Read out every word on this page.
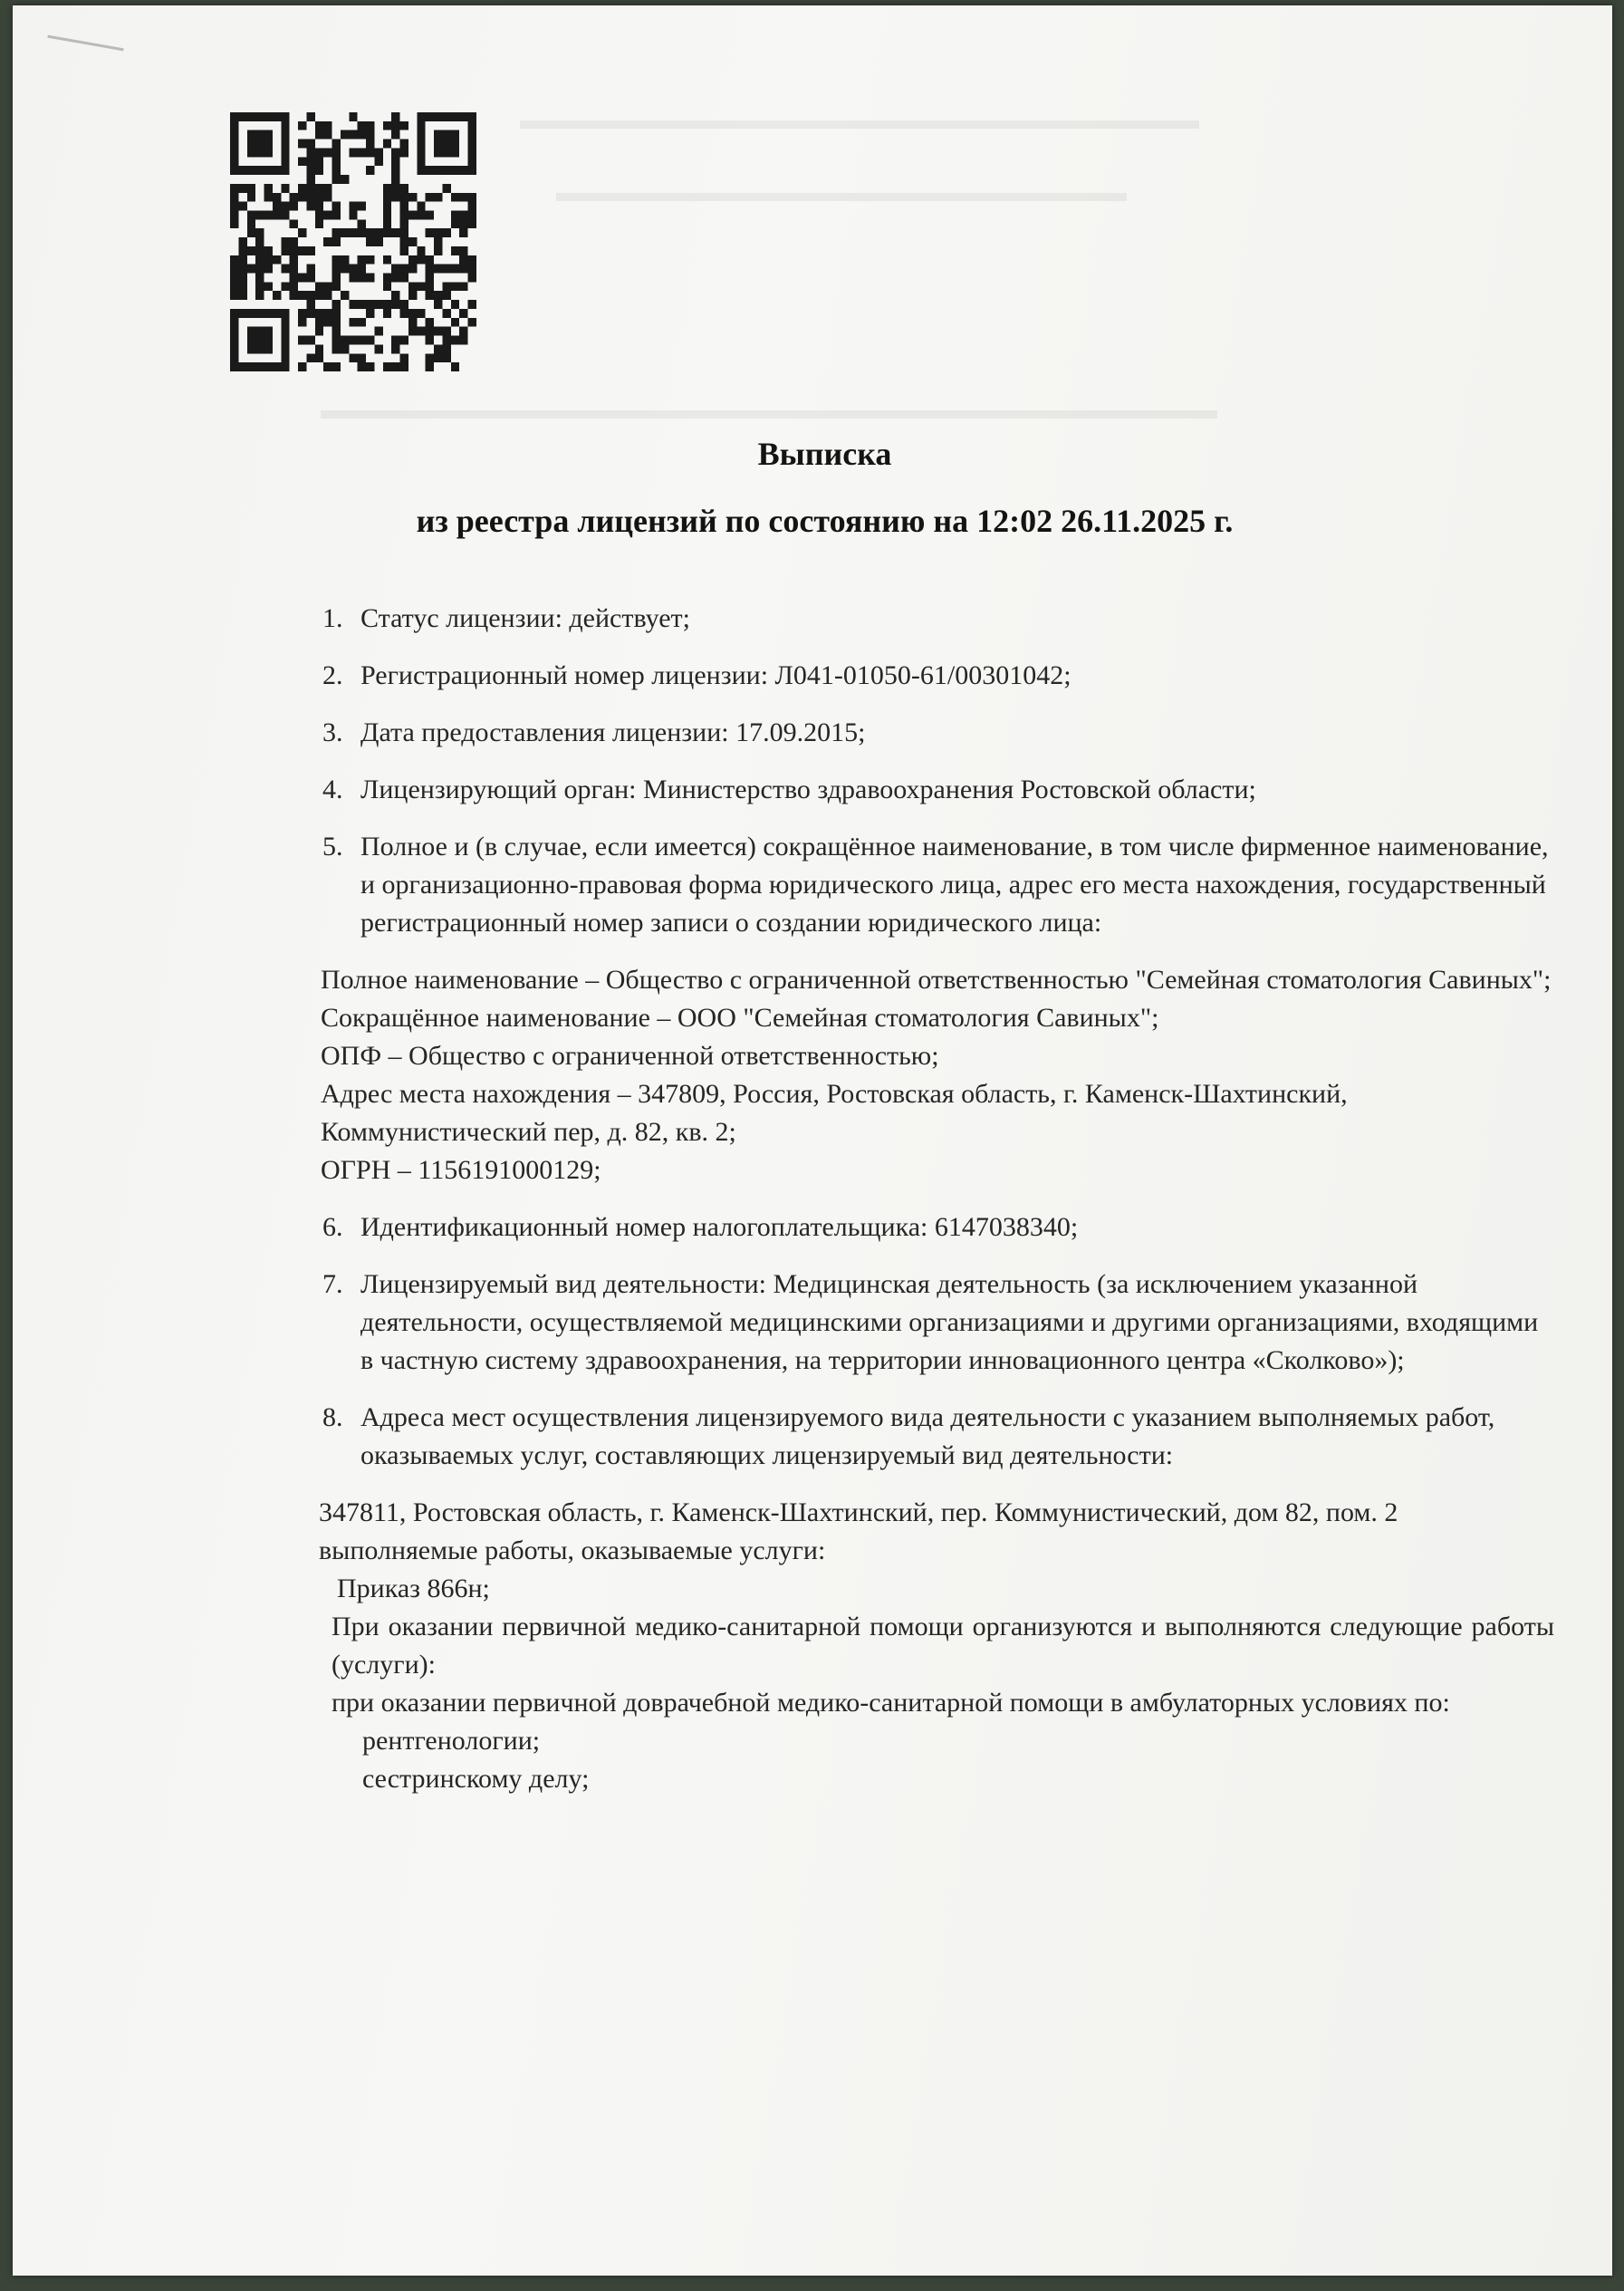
▬▬▬▬▬▬▬▬▬▬▬▬▬▬▬▬▬▬▬▬▬▬▬▬▬
▬▬▬▬▬▬▬▬▬▬▬▬▬▬▬▬▬▬▬▬▬
▬▬▬▬▬▬▬▬▬▬▬▬▬▬▬▬▬▬▬▬▬▬▬▬▬▬▬▬▬▬▬▬▬
Выписка
из реестра лицензий по состоянию на 12:02 26.11.2025 г.
1. Статус лицензии: действует;
2. Регистрационный номер лицензии: Л041-01050-61/00301042;
3. Дата предоставления лицензии: 17.09.2015;
4. Лицензирующий орган: Министерство здравоохранения Ростовской области;
5. Полное и (в случае, если имеется) сокращённое наименование, в том числе фирменное наименование, и организационно-правовая форма юридического лица, адрес его места нахождения, государственный регистрационный номер записи о создании юридического лица:
Полное наименование – Общество с ограниченной ответственностью "Семейная стоматология Савиных";
Сокращённое наименование – ООО "Семейная стоматология Савиных";
ОПФ – Общество с ограниченной ответственностью;
Адрес места нахождения – 347809, Россия, Ростовская область, г. Каменск-Шахтинский, Коммунистический пер, д. 82, кв. 2;
ОГРН – 1156191000129;
6. Идентификационный номер налогоплательщика: 6147038340;
7. Лицензируемый вид деятельности: Медицинская деятельность (за исключением указанной деятельности, осуществляемой медицинскими организациями и другими организациями, входящими в частную систему здравоохранения, на территории инновационного центра «Сколково»);
8. Адреса мест осуществления лицензируемого вида деятельности с указанием выполняемых работ, оказываемых услуг, составляющих лицензируемый вид деятельности:
347811, Ростовская область, г. Каменск-Шахтинский, пер. Коммунистический, дом 82, пом. 2
выполняемые работы, оказываемые услуги:
Приказ 866н;
При оказании первичной медико-санитарной помощи организуются и выполняются следующие работы (услуги):
при оказании первичной доврачебной медико-санитарной помощи в амбулаторных условиях по:
рентгенологии;
сестринскому делу;
